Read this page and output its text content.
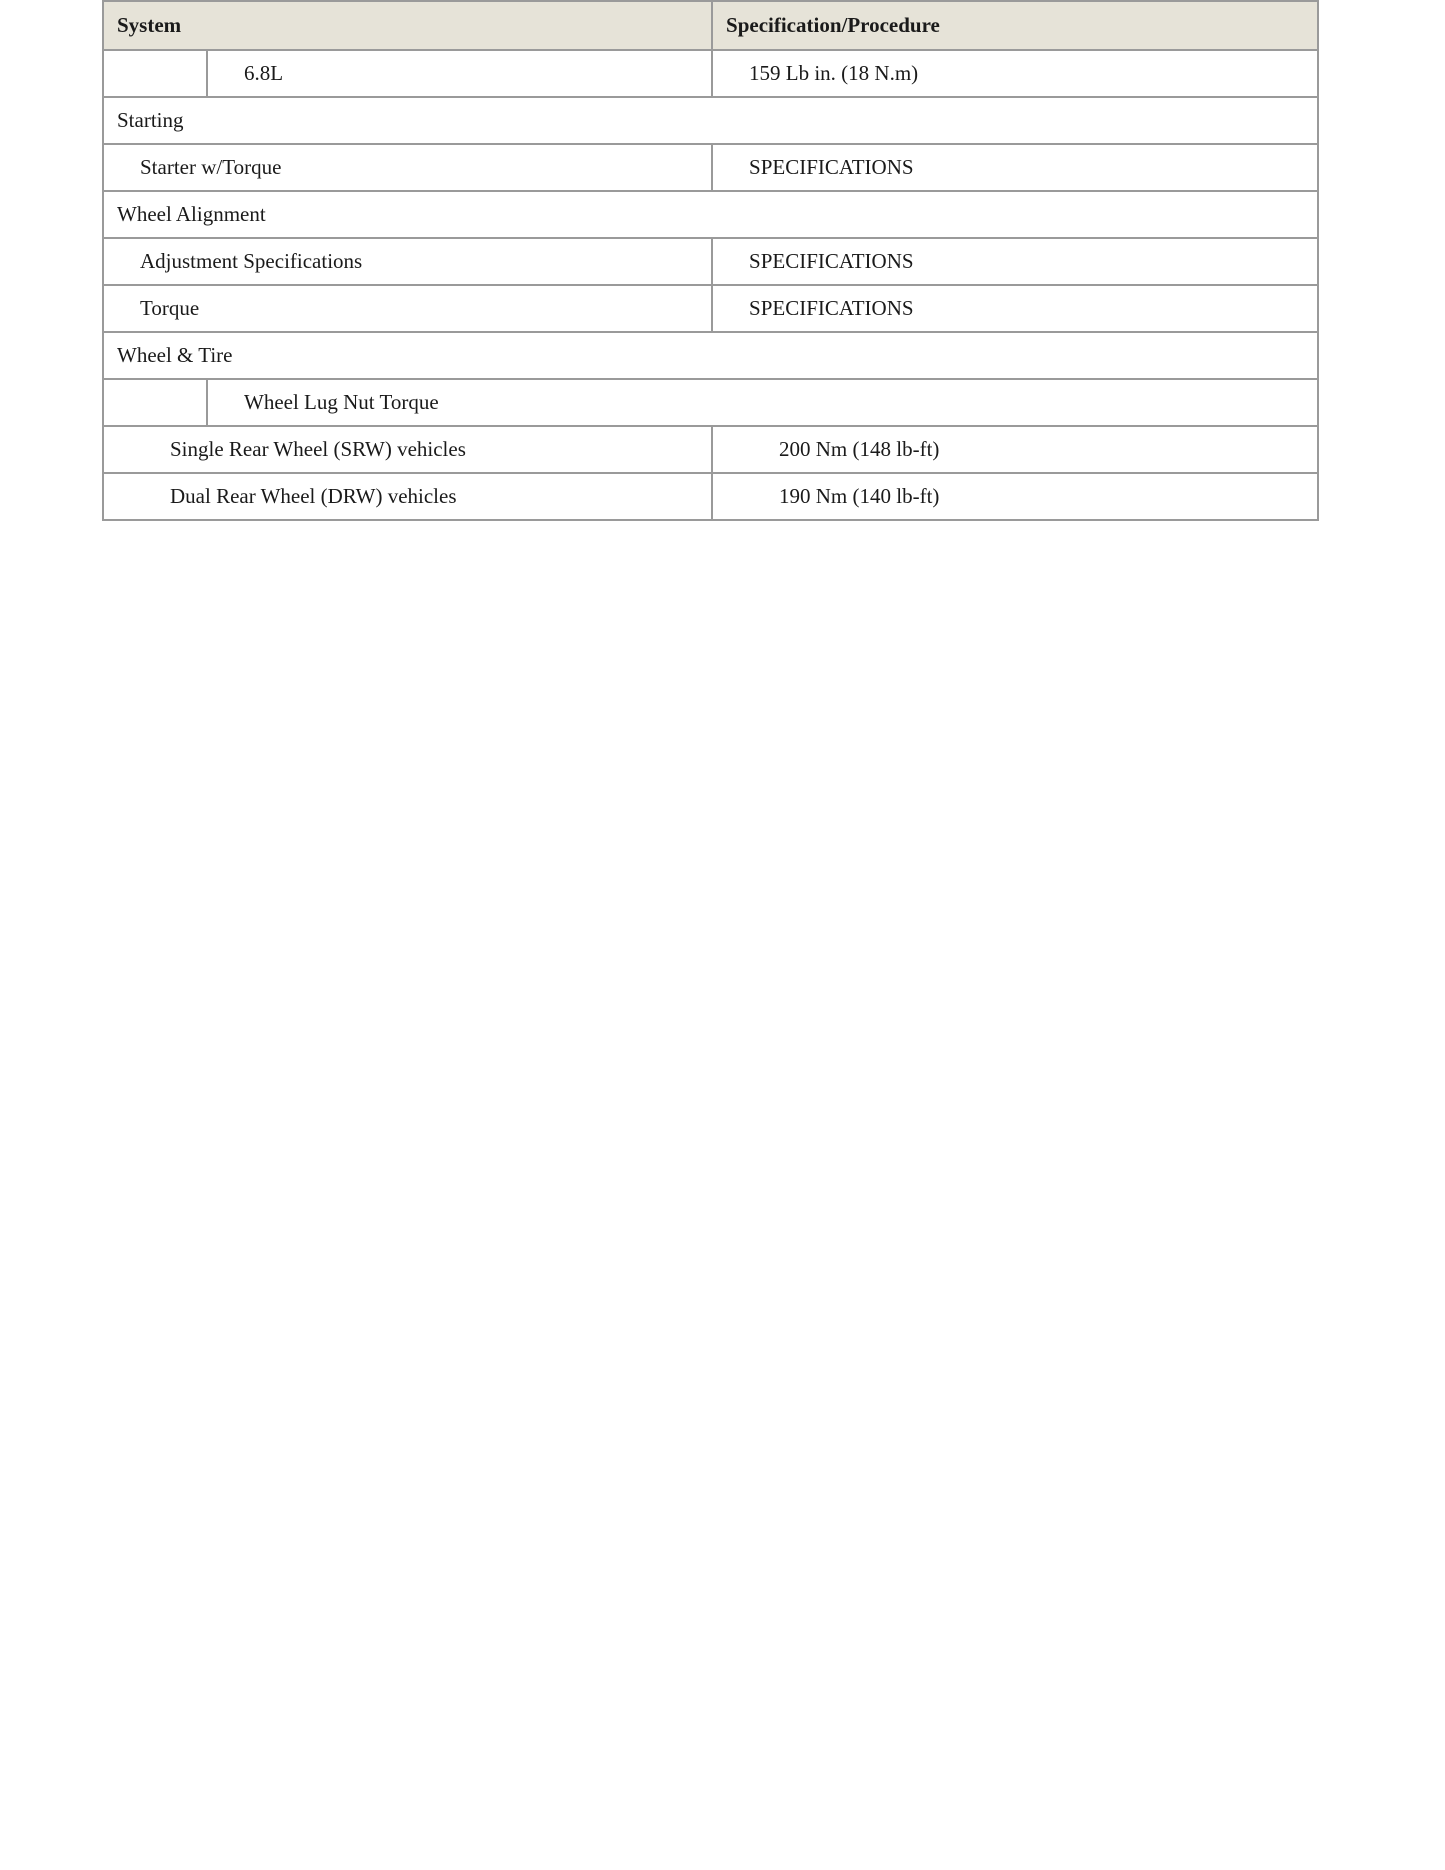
System		Specification/Procedure
	6.8L	159 Lb in. (18 N.m)
Starting		
Starter w/Torque		SPECIFICATIONS
Wheel Alignment		
Adjustment Specifications		SPECIFICATIONS
Torque		SPECIFICATIONS
Wheel & Tire		
	Wheel Lug Nut Torque	
Single Rear Wheel (SRW) vehicles		200 Nm (148 lb-ft)
Dual Rear Wheel (DRW) vehicles		190 Nm (140 lb-ft)
